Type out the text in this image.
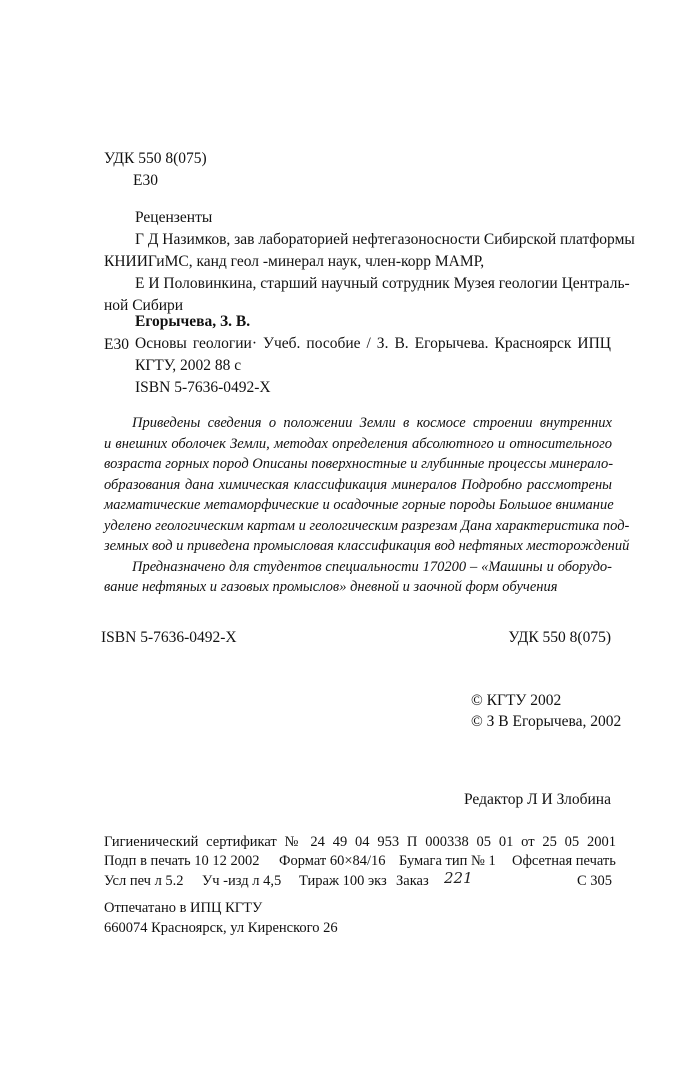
УДК 550 8(075)
Е30
Рецензенты
Г Д Назимков, зав лабораторией нефтегазоносности Сибирской платформы
КНИИГиМС, канд геол -минерал наук, член-корр МАМР,
Е И Половинкина, старший научный сотрудник Музея геологии Централь-
ной Сибири
Е30
Егорычева, З. В.
Основы геологии· Учеб. пособие / З. В. Егорычева. Красноярск ИПЦ
КГТУ, 2002 88 с
ISBN 5-7636-0492-X
Приведены сведения о положении Земли в космосе строении внутренних
и внешних оболочек Земли, методах определения абсолютного и относительного
возраста горных пород Описаны поверхностные и глубинные процессы минерало-
образования дана химическая классификация минералов Подробно рассмотрены
магматические метаморфические и осадочные горные породы Большое внимание
уделено геологическим картам и геологическим разрезам Дана характеристика под-
земных вод и приведена промысловая классификация вод нефтяных месторождений
Предназначено для студентов специальности 170200 – «Машины и оборудо-
вание нефтяных и газовых промыслов» дневной и заочной форм обучения
ISBN 5-7636-0492-X	УДК 550 8(075)
© КГТУ 2002
© З В Егорычева, 2002
Редактор Л И Злобина
Гигиенический сертификат № 24 49 04 953 П 000338 05 01 от 25 05 2001
Подп в печать 10 12 2002 Формат 60×84/16 Бумага тип № 1 Офсетная печать
Усл печ л 5.2 Уч -изд л 4,5 Тираж 100 экз Заказ 221	С 305
Отпечатано в ИПЦ КГТУ
660074 Красноярск, ул Киренского 26
